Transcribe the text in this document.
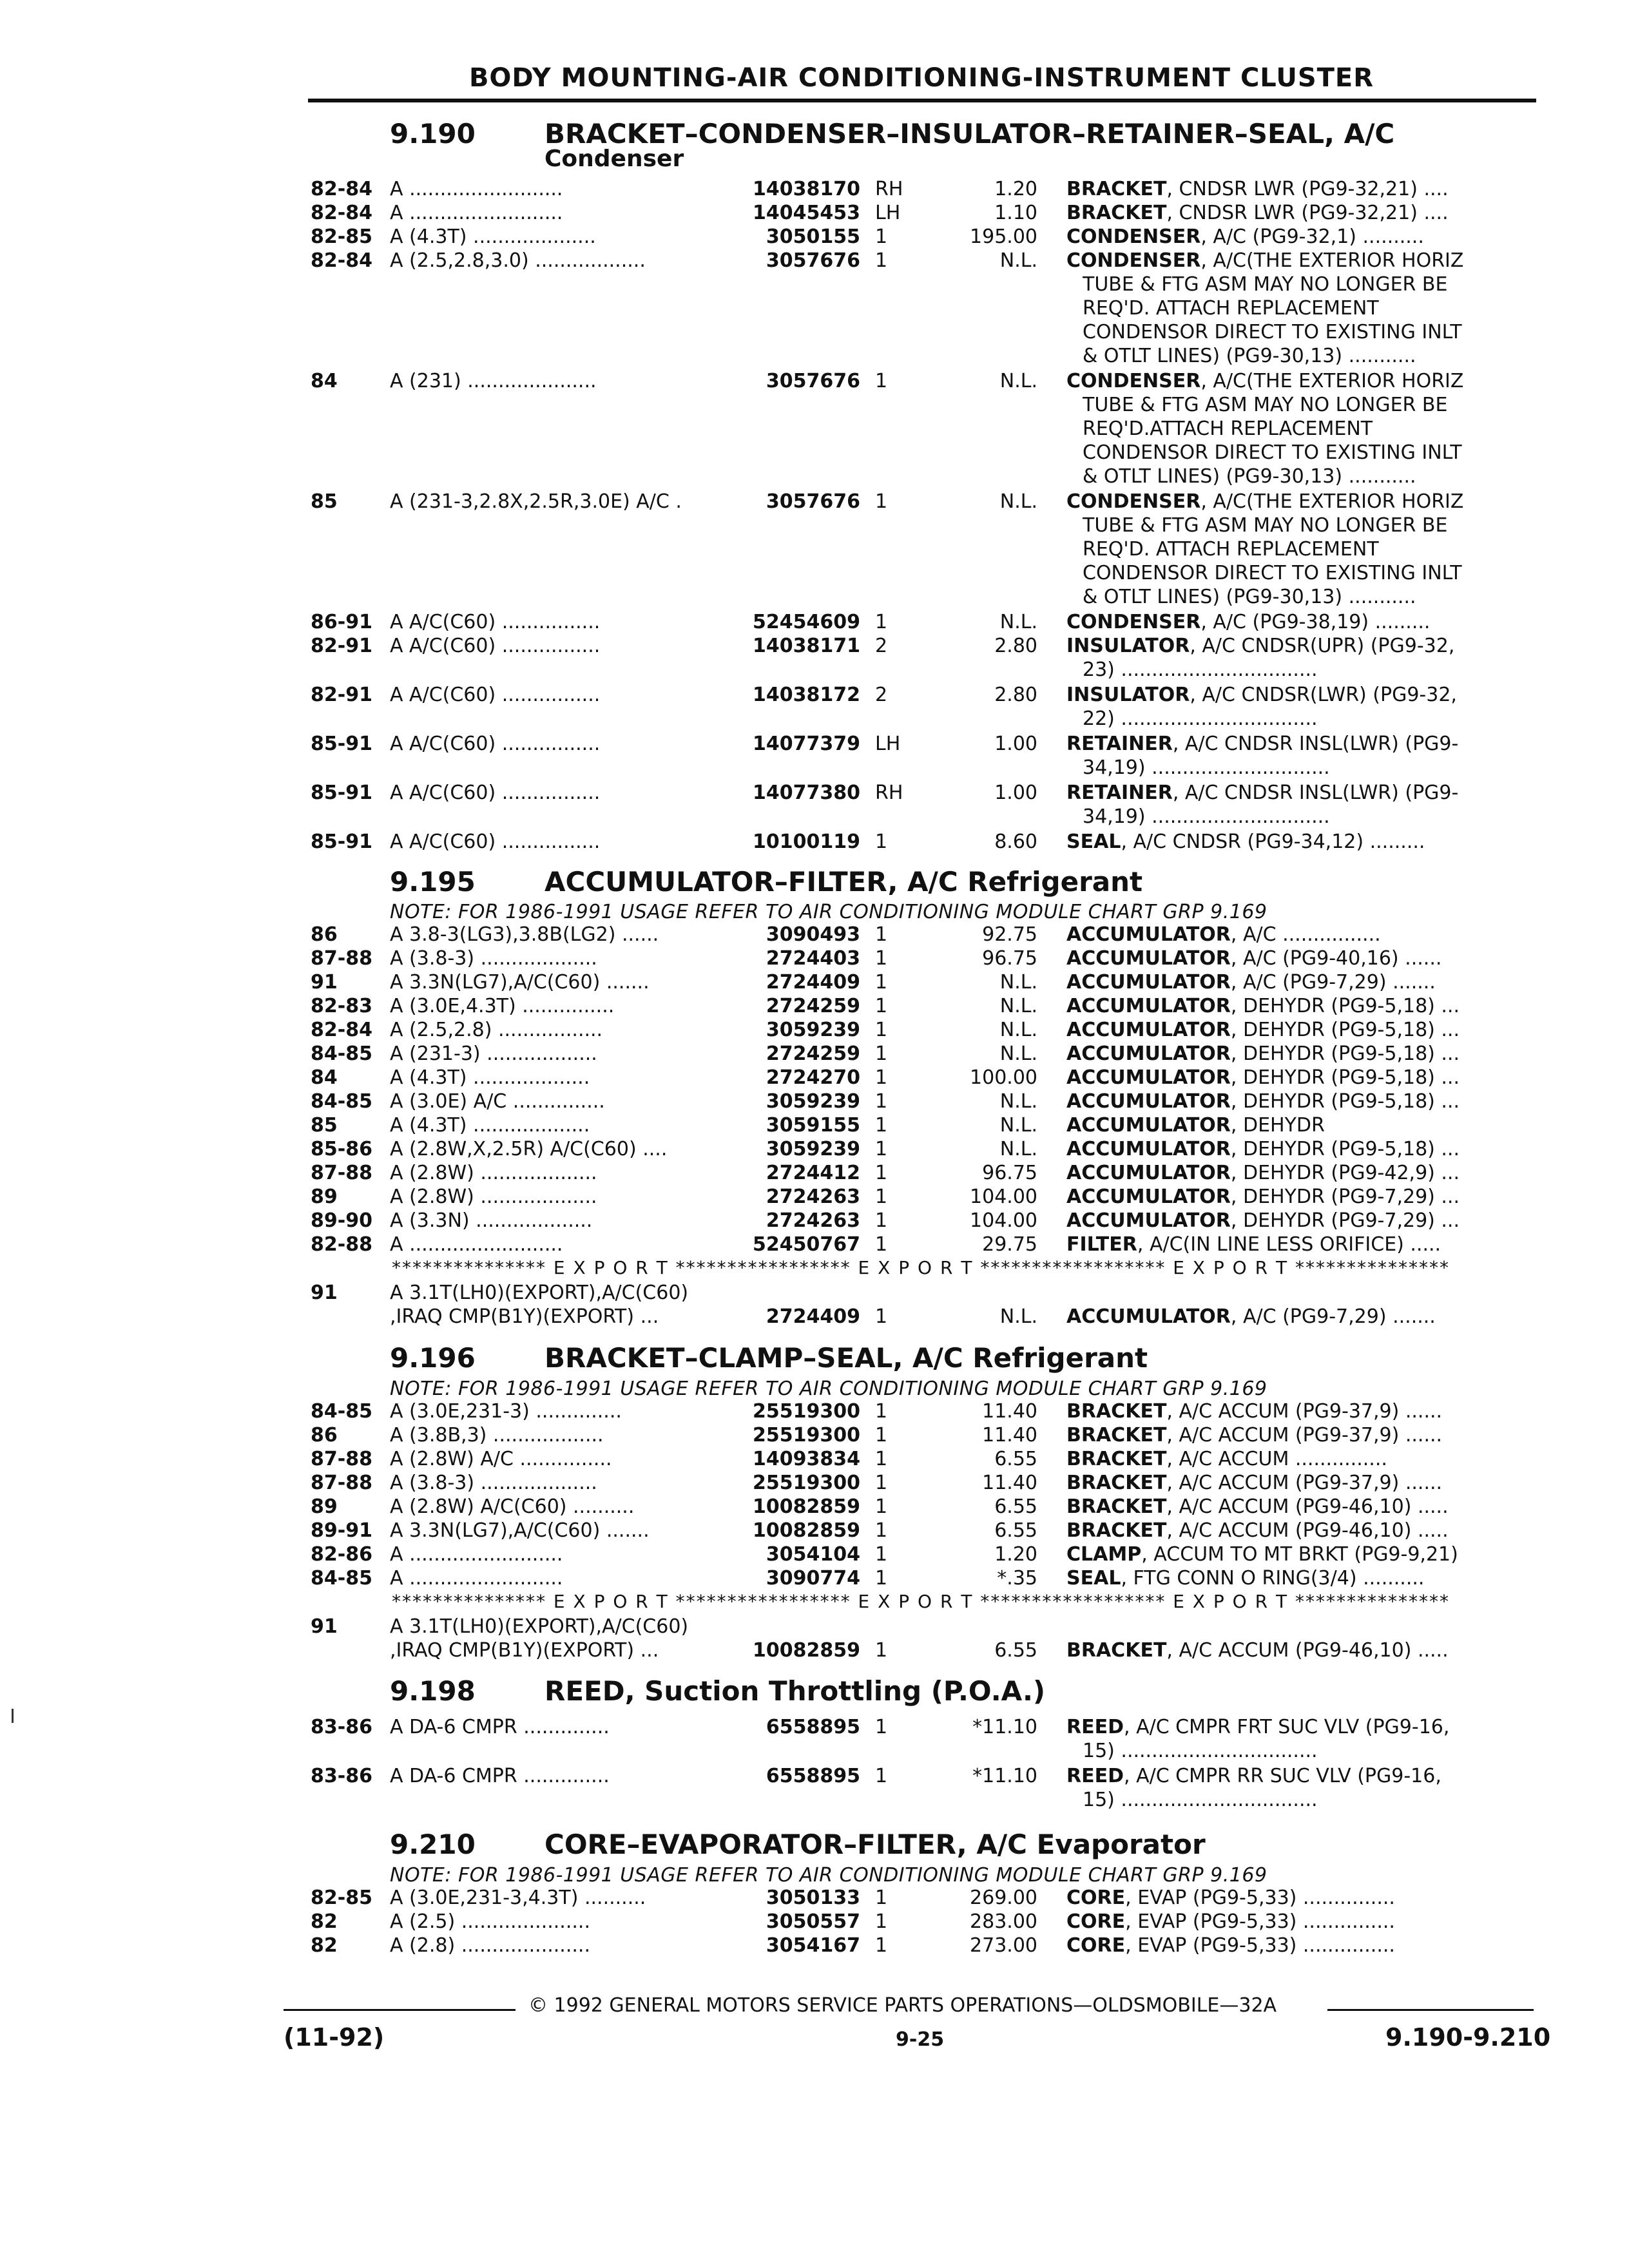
BODY MOUNTING-AIR CONDITIONING-INSTRUMENT CLUSTER
9.190	BRACKET–CONDENSER–INSULATOR–RETAINER–SEAL, A/C
Condenser
82-84 A .........................	14038170 RH	1.20 BRACKET, CNDSR LWR (PG9-32,21) ....
82-84 A .........................	14045453 LH	1.10 BRACKET, CNDSR LWR (PG9-32,21) ....
82-85 A (4.3T) ....................	3050155 1	195.00 CONDENSER, A/C (PG9-32,1) ..........
82-84 A (2.5,2.8,3.0) ..................	3057676 1	N.L. CONDENSER, A/C(THE EXTERIOR HORIZ
TUBE & FTG ASM MAY NO LONGER BE
REQ'D. ATTACH REPLACEMENT
CONDENSOR DIRECT TO EXISTING INLT
& OTLT LINES) (PG9-30,13) ...........
84	A (231) .....................	3057676 1	N.L. CONDENSER, A/C(THE EXTERIOR HORIZ
TUBE & FTG ASM MAY NO LONGER BE
REQ'D.ATTACH REPLACEMENT
CONDENSOR DIRECT TO EXISTING INLT
& OTLT LINES) (PG9-30,13) ...........
85	A (231-3,2.8X,2.5R,3.0E) A/C .	3057676 1	N.L. CONDENSER, A/C(THE EXTERIOR HORIZ
TUBE & FTG ASM MAY NO LONGER BE
REQ'D. ATTACH REPLACEMENT
CONDENSOR DIRECT TO EXISTING INLT
& OTLT LINES) (PG9-30,13) ...........
86-91 A A/C(C60) ................	52454609 1	N.L. CONDENSER, A/C (PG9-38,19) .........
82-91 A A/C(C60) ................	14038171 2	2.80 INSULATOR, A/C CNDSR(UPR) (PG9-32,
23) ................................
82-91 A A/C(C60) ................	14038172 2	2.80 INSULATOR, A/C CNDSR(LWR) (PG9-32,
22) ................................
85-91 A A/C(C60) ................	14077379 LH	1.00 RETAINER, A/C CNDSR INSL(LWR) (PG9-
34,19) .............................
85-91 A A/C(C60) ................	14077380 RH	1.00 RETAINER, A/C CNDSR INSL(LWR) (PG9-
34,19) .............................
85-91 A A/C(C60) ................	10100119 1	8.60 SEAL, A/C CNDSR (PG9-34,12) .........
9.195	ACCUMULATOR–FILTER, A/C Refrigerant
NOTE: FOR 1986-1991 USAGE REFER TO AIR CONDITIONING MODULE CHART GRP 9.169
86	A 3.8-3(LG3),3.8B(LG2) ......	3090493 1	92.75 ACCUMULATOR, A/C ................
87-88 A (3.8-3) ...................	2724403 1	96.75 ACCUMULATOR, A/C (PG9-40,16) ......
91	A 3.3N(LG7),A/C(C60) .......	2724409 1	N.L. ACCUMULATOR, A/C (PG9-7,29) .......
82-83 A (3.0E,4.3T) ...............	2724259 1	N.L. ACCUMULATOR, DEHYDR (PG9-5,18) ...
82-84 A (2.5,2.8) .................	3059239 1	N.L. ACCUMULATOR, DEHYDR (PG9-5,18) ...
84-85 A (231-3) ..................	2724259 1	N.L. ACCUMULATOR, DEHYDR (PG9-5,18) ...
84	A (4.3T) ...................	2724270 1	100.00 ACCUMULATOR, DEHYDR (PG9-5,18) ...
84-85 A (3.0E) A/C ...............	3059239 1	N.L. ACCUMULATOR, DEHYDR (PG9-5,18) ...
85	A (4.3T) ...................	3059155 1	N.L. ACCUMULATOR, DEHYDR
85-86 A (2.8W,X,2.5R) A/C(C60) ....	3059239 1	N.L. ACCUMULATOR, DEHYDR (PG9-5,18) ...
87-88 A (2.8W) ...................	2724412 1	96.75 ACCUMULATOR, DEHYDR (PG9-42,9) ...
89	A (2.8W) ...................	2724263 1	104.00 ACCUMULATOR, DEHYDR (PG9-7,29) ...
89-90 A (3.3N) ...................	2724263 1	104.00 ACCUMULATOR, DEHYDR (PG9-7,29) ...
82-88 A .........................	52450767 1	29.75 FILTER, A/C(IN LINE LESS ORIFICE) .....
*************** E X P O R T ***************** E X P O R T ****************** E X P O R T ***************
91	A 3.1T(LH0)(EXPORT),A/C(C60)
,IRAQ CMP(B1Y)(EXPORT) ...	2724409 1	N.L. ACCUMULATOR, A/C (PG9-7,29) .......
9.196	BRACKET–CLAMP–SEAL, A/C Refrigerant
NOTE: FOR 1986-1991 USAGE REFER TO AIR CONDITIONING MODULE CHART GRP 9.169
84-85 A (3.0E,231-3) ..............	25519300 1	11.40 BRACKET, A/C ACCUM (PG9-37,9) ......
86	A (3.8B,3) ..................	25519300 1	11.40 BRACKET, A/C ACCUM (PG9-37,9) ......
87-88 A (2.8W) A/C ...............	14093834 1	6.55 BRACKET, A/C ACCUM ...............
87-88 A (3.8-3) ...................	25519300 1	11.40 BRACKET, A/C ACCUM (PG9-37,9) ......
89	A (2.8W) A/C(C60) ..........	10082859 1	6.55 BRACKET, A/C ACCUM (PG9-46,10) .....
89-91 A 3.3N(LG7),A/C(C60) .......	10082859 1	6.55 BRACKET, A/C ACCUM (PG9-46,10) .....
82-86 A .........................	3054104 1	1.20 CLAMP, ACCUM TO MT BRKT (PG9-9,21)
84-85 A .........................	3090774 1	*.35 SEAL, FTG CONN O RING(3/4) ..........
*************** E X P O R T ***************** E X P O R T ****************** E X P O R T ***************
91	A 3.1T(LH0)(EXPORT),A/C(C60)
,IRAQ CMP(B1Y)(EXPORT) ...	10082859 1	6.55 BRACKET, A/C ACCUM (PG9-46,10) .....
9.198	REED, Suction Throttling (P.O.A.)
83-86 A DA-6 CMPR ..............	6558895 1	*11.10 REED, A/C CMPR FRT SUC VLV (PG9-16,
15) ................................
83-86 A DA-6 CMPR ..............	6558895 1	*11.10 REED, A/C CMPR RR SUC VLV (PG9-16,
15) ................................
9.210	CORE–EVAPORATOR–FILTER, A/C Evaporator
NOTE: FOR 1986-1991 USAGE REFER TO AIR CONDITIONING MODULE CHART GRP 9.169
82-85 A (3.0E,231-3,4.3T) ..........	3050133 1	269.00 CORE, EVAP (PG9-5,33) ...............
82	A (2.5) .....................	3050557 1	283.00 CORE, EVAP (PG9-5,33) ...............
82	A (2.8) .....................	3054167 1	273.00 CORE, EVAP (PG9-5,33) ...............
© 1992 GENERAL MOTORS SERVICE PARTS OPERATIONS—OLDSMOBILE—32A
(11-92)	9-25	9.190-9.210
